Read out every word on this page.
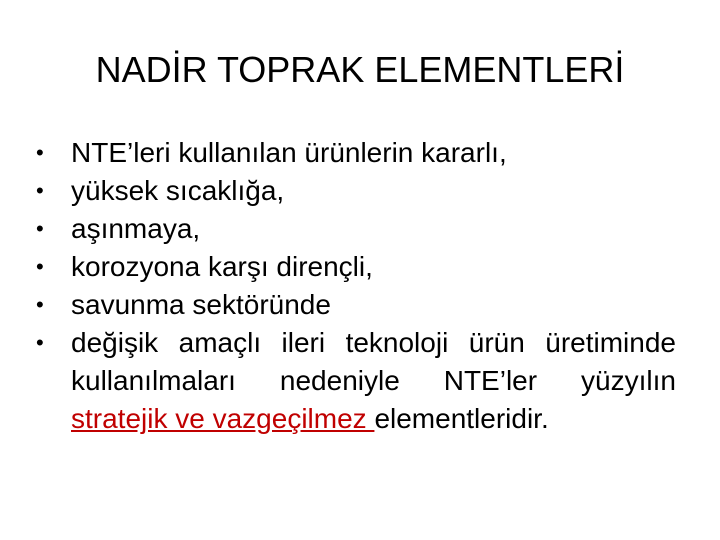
NADİR TOPRAK ELEMENTLERİ
• NTE’leri kullanılan ürünlerin kararlı,
• yüksek sıcaklığa,
• aşınmaya,
• korozyona karşı dirençli,
• savunma sektöründe
• değişik amaçlı ileri teknoloji ürün üretiminde
kullanılmaları nedeniyle NTE’ler yüzyılın
stratejik ve vazgeçilmez elementleridir.
